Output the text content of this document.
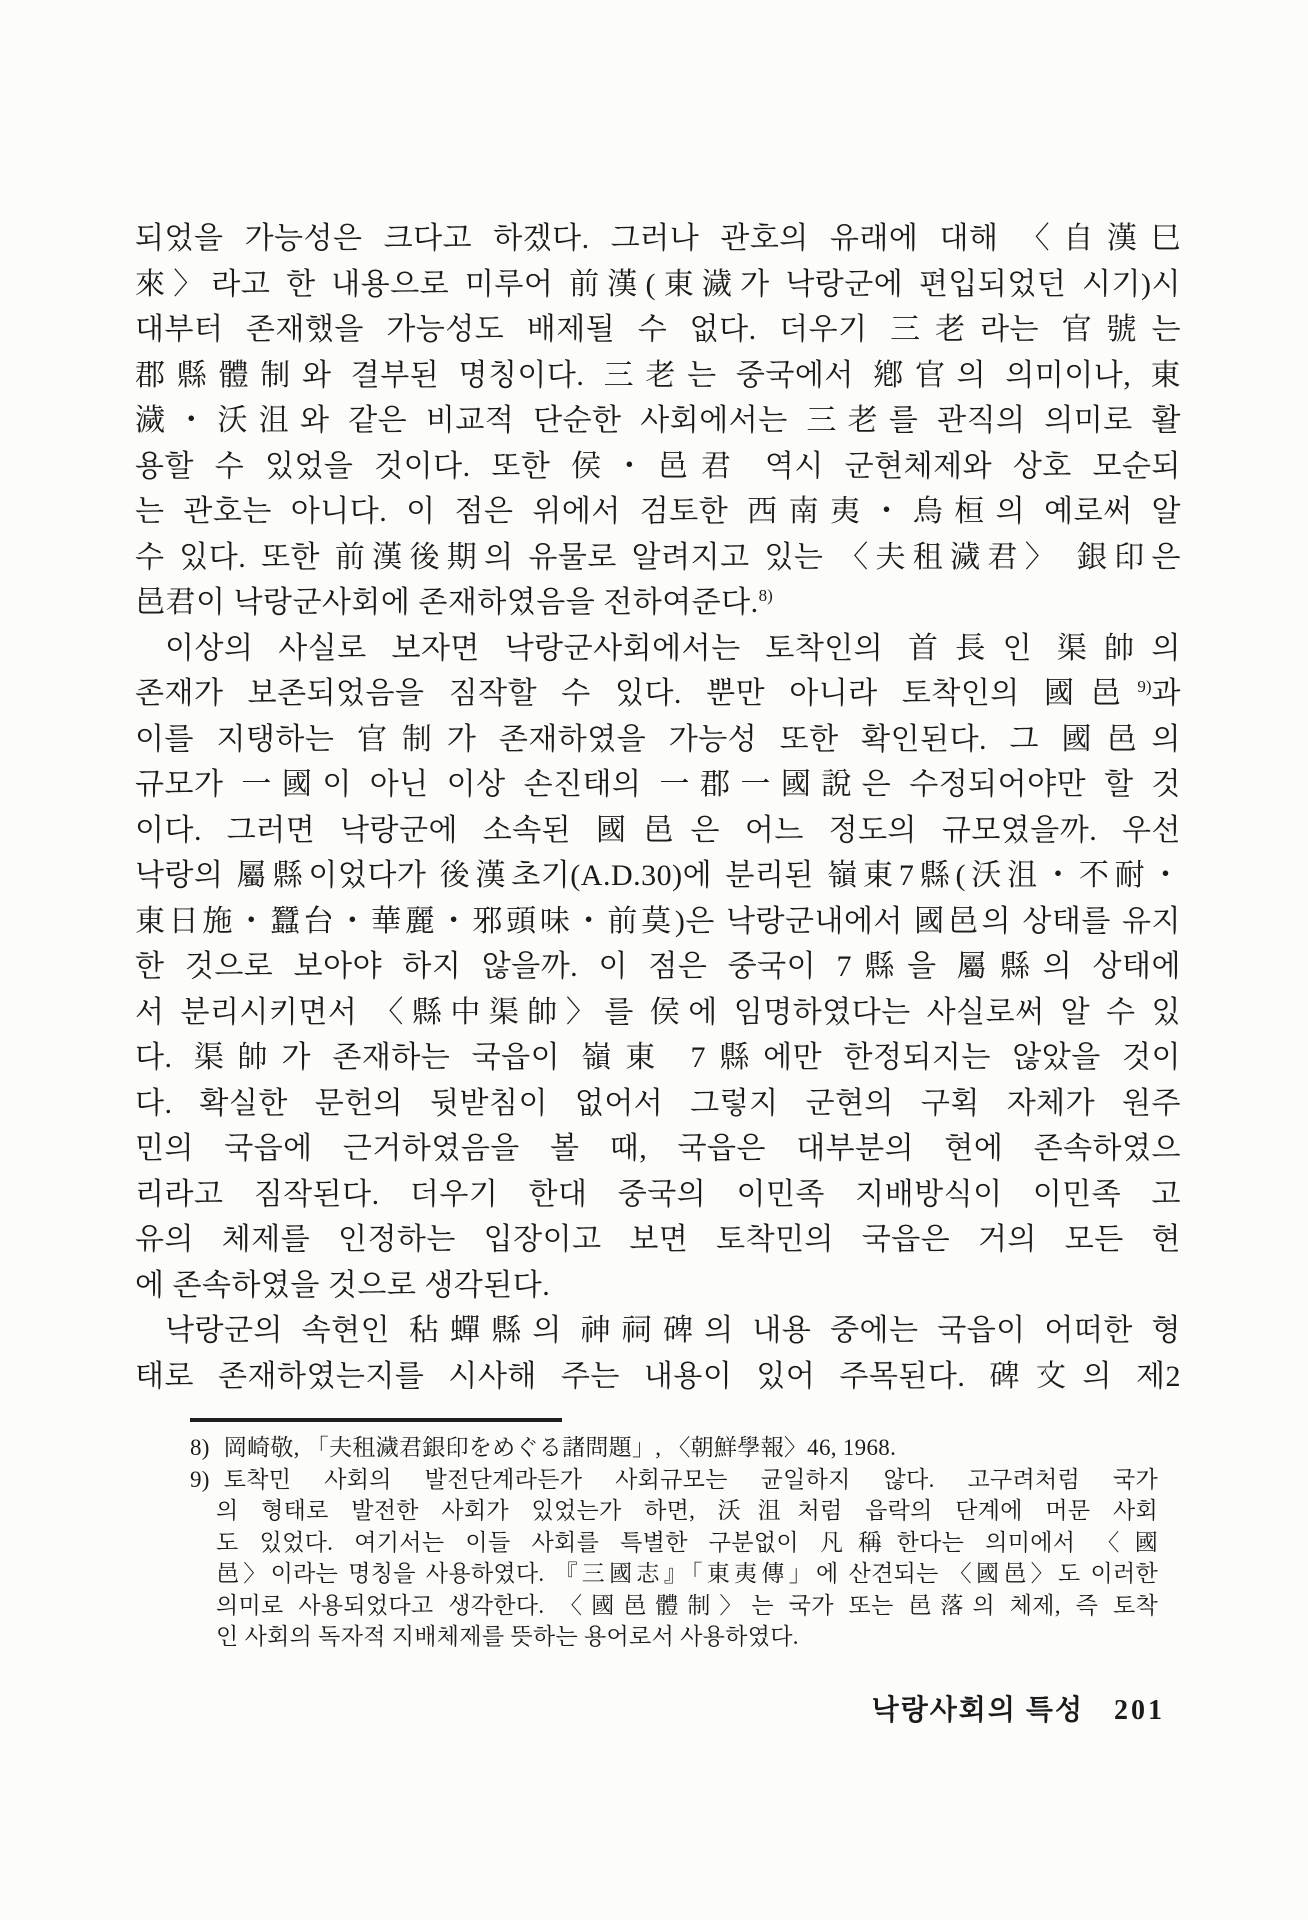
되었을 가능성은 크다고 하겠다. 그러나 관호의 유래에 대해 〈自漢巳
來〉라고 한 내용으로 미루어 前漢(東濊가 낙랑군에 편입되었던 시기)시
대부터 존재했을 가능성도 배제될 수 없다. 더우기 三老라는 官號는
郡縣體制와 결부된 명칭이다. 三老는 중국에서 鄕官의 의미이나, 東
濊・沃沮와 같은 비교적 단순한 사회에서는 三老를 관직의 의미로 활
용할 수 있었을 것이다. 또한 侯・邑君 역시 군현체제와 상호 모순되
는 관호는 아니다. 이 점은 위에서 검토한 西南夷・烏桓의 예로써 알
수 있다. 또한 前漢後期의 유물로 알려지고 있는 〈夫租濊君〉 銀印은
邑君이 낙랑군사회에 존재하였음을 전하여준다.$^{8)}$
이상의 사실로 보자면 낙랑군사회에서는 토착인의 首長인 渠帥의
존재가 보존되었음을 짐작할 수 있다. 뿐만 아니라 토착인의 國邑$^{9)}$과
이를 지탱하는 官制가 존재하였을 가능성 또한 확인된다. 그 國邑의
규모가 一國이 아닌 이상 손진태의 一郡一國說은 수정되어야만 할 것
이다. 그러면 낙랑군에 소속된 國邑은 어느 정도의 규모였을까. 우선
낙랑의 屬縣이었다가 後漢초기(A.D.30)에 분리된 嶺東7縣(沃沮・不耐・
東日施・蠶台・華麗・邪頭味・前莫)은 낙랑군내에서 國邑의 상태를 유지
한 것으로 보아야 하지 않을까. 이 점은 중국이 7縣을 屬縣의 상태에
서 분리시키면서 〈縣中渠帥〉를 侯에 임명하였다는 사실로써 알 수 있
다. 渠帥가 존재하는 국읍이 嶺東 7縣에만 한정되지는 않았을 것이
다. 확실한 문헌의 뒷받침이 없어서 그렇지 군현의 구획 자체가 원주
민의 국읍에 근거하였음을 볼 때, 국읍은 대부분의 현에 존속하였으
리라고 짐작된다. 더우기 한대 중국의 이민족 지배방식이 이민족 고
유의 체제를 인정하는 입장이고 보면 토착민의 국읍은 거의 모든 현
에 존속하였을 것으로 생각된다.
낙랑군의 속현인 秥蟬縣의 神祠碑의 내용 중에는 국읍이 어떠한 형
태로 존재하였는지를 시사해 주는 내용이 있어 주목된다. 碑文의 제2
8) 岡崎敬, 「夫租濊君銀印をめぐる諸問題」, 〈朝鮮學報〉46, 1968.
9) 토착민 사회의 발전단계라든가 사회규모는 균일하지 않다. 고구려처럼 국가
의 형태로 발전한 사회가 있었는가 하면, 沃沮처럼 읍락의 단계에 머문 사회
도 있었다. 여기서는 이들 사회를 특별한 구분없이 凡稱한다는 의미에서 〈國
邑〉이라는 명칭을 사용하였다. 『三國志』「東夷傳」에 산견되는 〈國邑〉도 이러한
의미로 사용되었다고 생각한다. 〈國邑體制〉는 국가 또는 邑落의 체제, 즉 토착
인 사회의 독자적 지배체제를 뜻하는 용어로서 사용하였다.
낙랑사회의 특성 201
